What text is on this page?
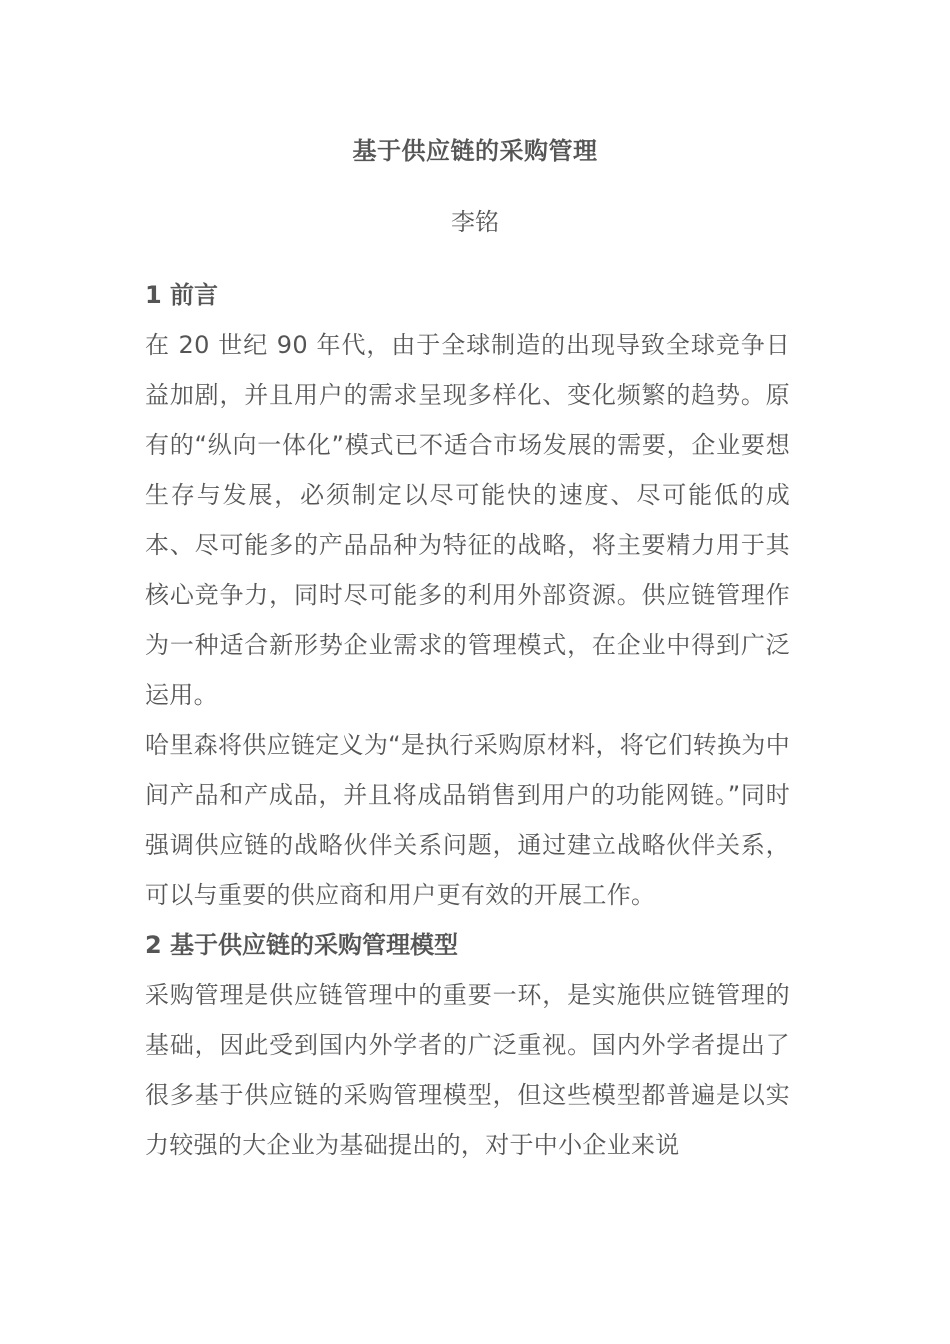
基于供应链的采购管理
李铭
1 前言

在 20 世纪 90 年代，由于全球制造的出现导致全球竞争日益加剧，并且用户的需求呈现多样化、变化频繁的趋势。原有的“纵向一体化”模式已不适合市场发展的需要，企业要想生存与发展，必须制定以尽可能快的速度、尽可能低的成本、尽可能多的产品品种为特征的战略，将主要精力用于其核心竞争力，同时尽可能多的利用外部资源。供应链管理作为一种适合新形势企业需求的管理模式，在企业中得到广泛运用。

哈里森将供应链定义为“是执行采购原材料，将它们转换为中间产品和产成品，并且将成品销售到用户的功能网链。”同时强调供应链的战略伙伴关系问题，通过建立战略伙伴关系，可以与重要的供应商和用户更有效的开展工作。

2 基于供应链的采购管理模型

采购管理是供应链管理中的重要一环，是实施供应链管理的基础，因此受到国内外学者的广泛重视。国内外学者提出了很多基于供应链的采购管理模型，但这些模型都普遍是以实力较强的大企业为基础提出的，对于中小企业来说
